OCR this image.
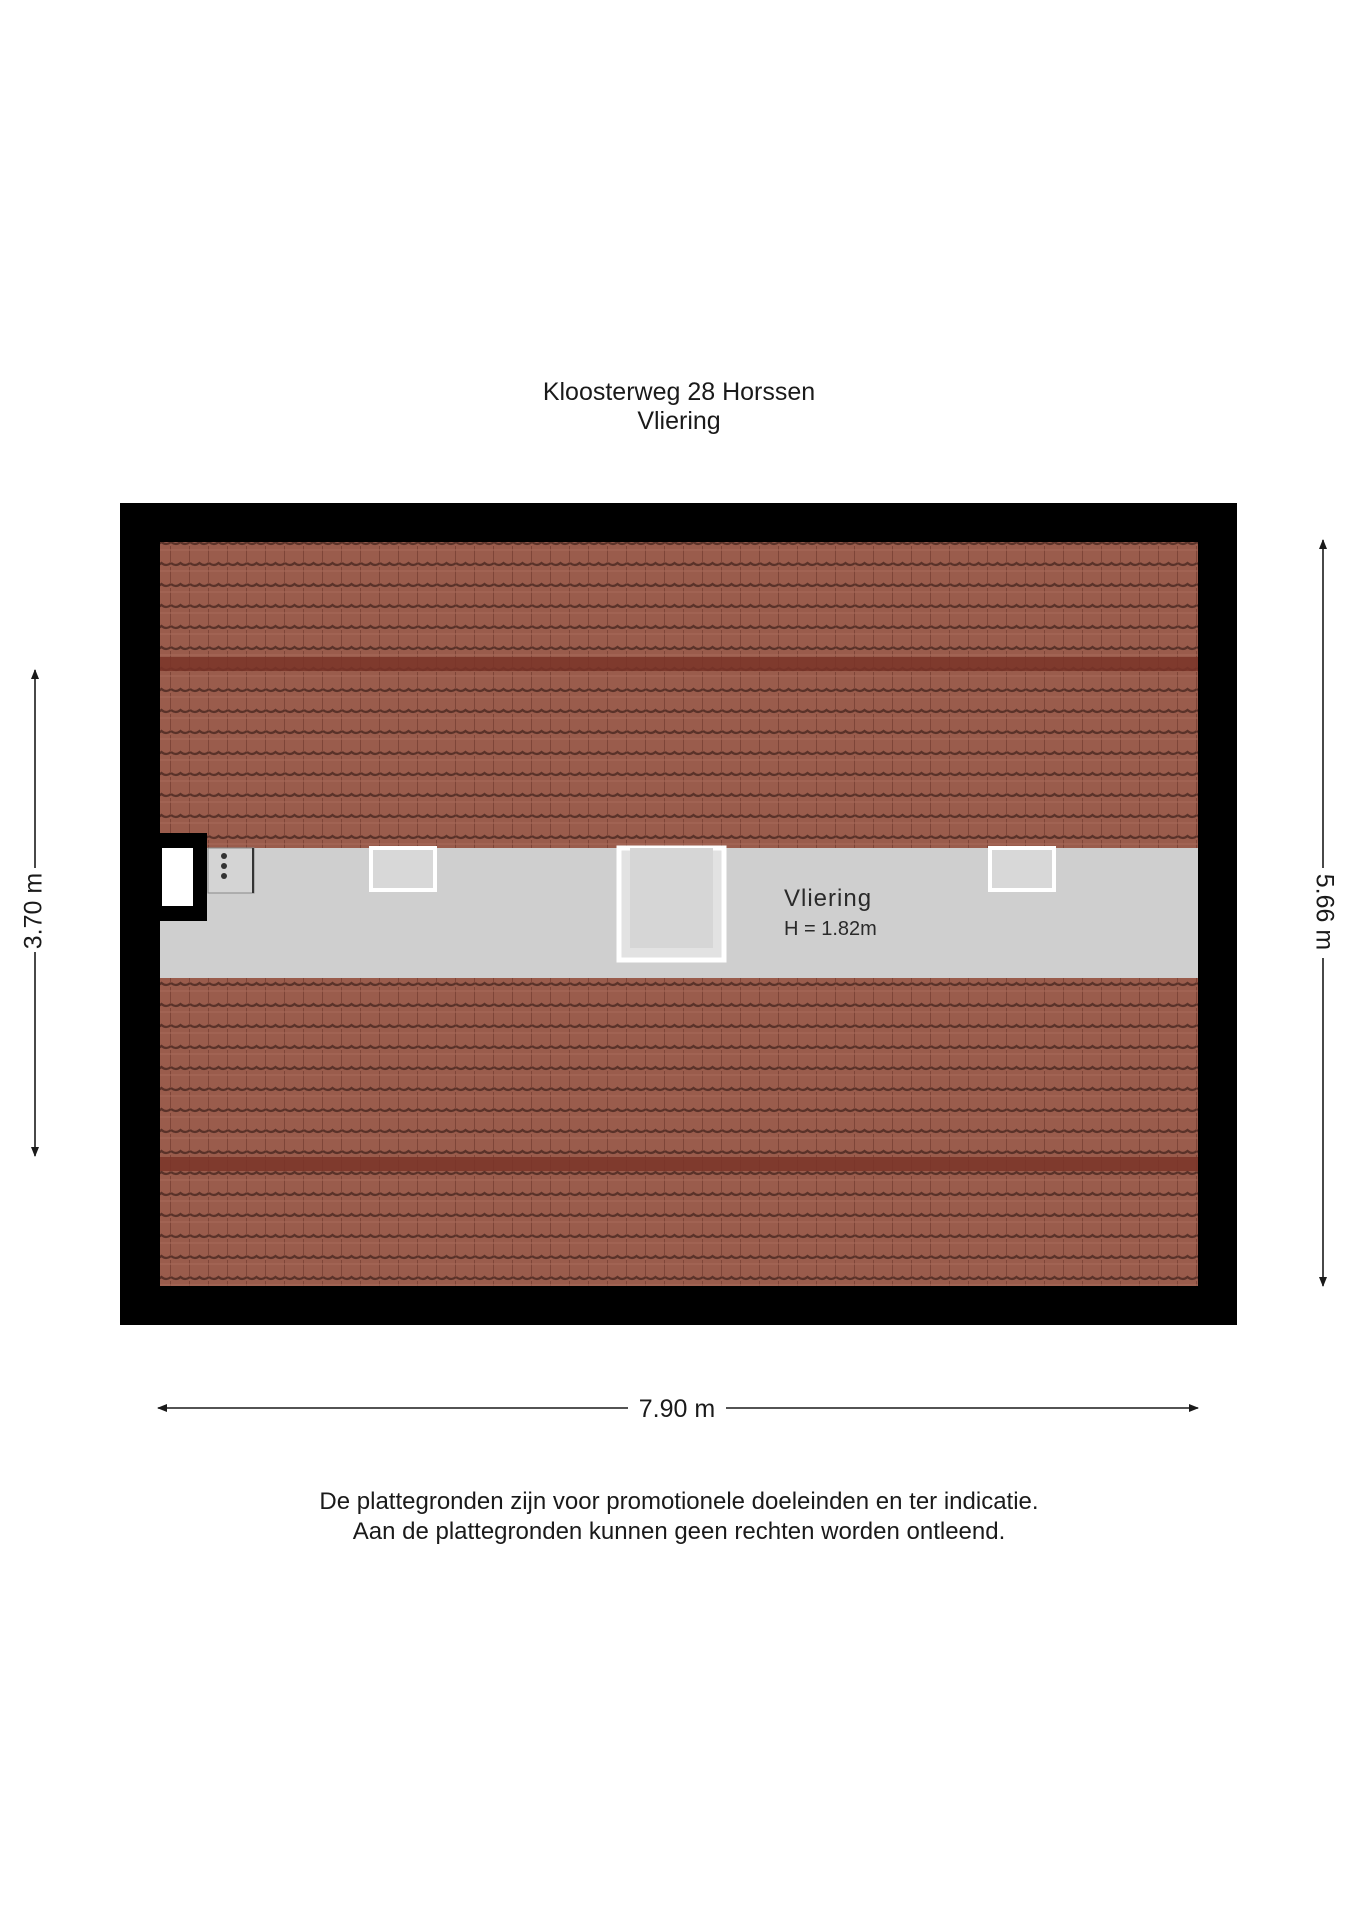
Kloosterweg 28 Horssen
Vliering
Vliering
H = 1.82m
3.70 m	5.66 m
7.90 m
De plattegronden zijn voor promotionele doeleinden en ter indicatie.
Aan de plattegronden kunnen geen rechten worden ontleend.
